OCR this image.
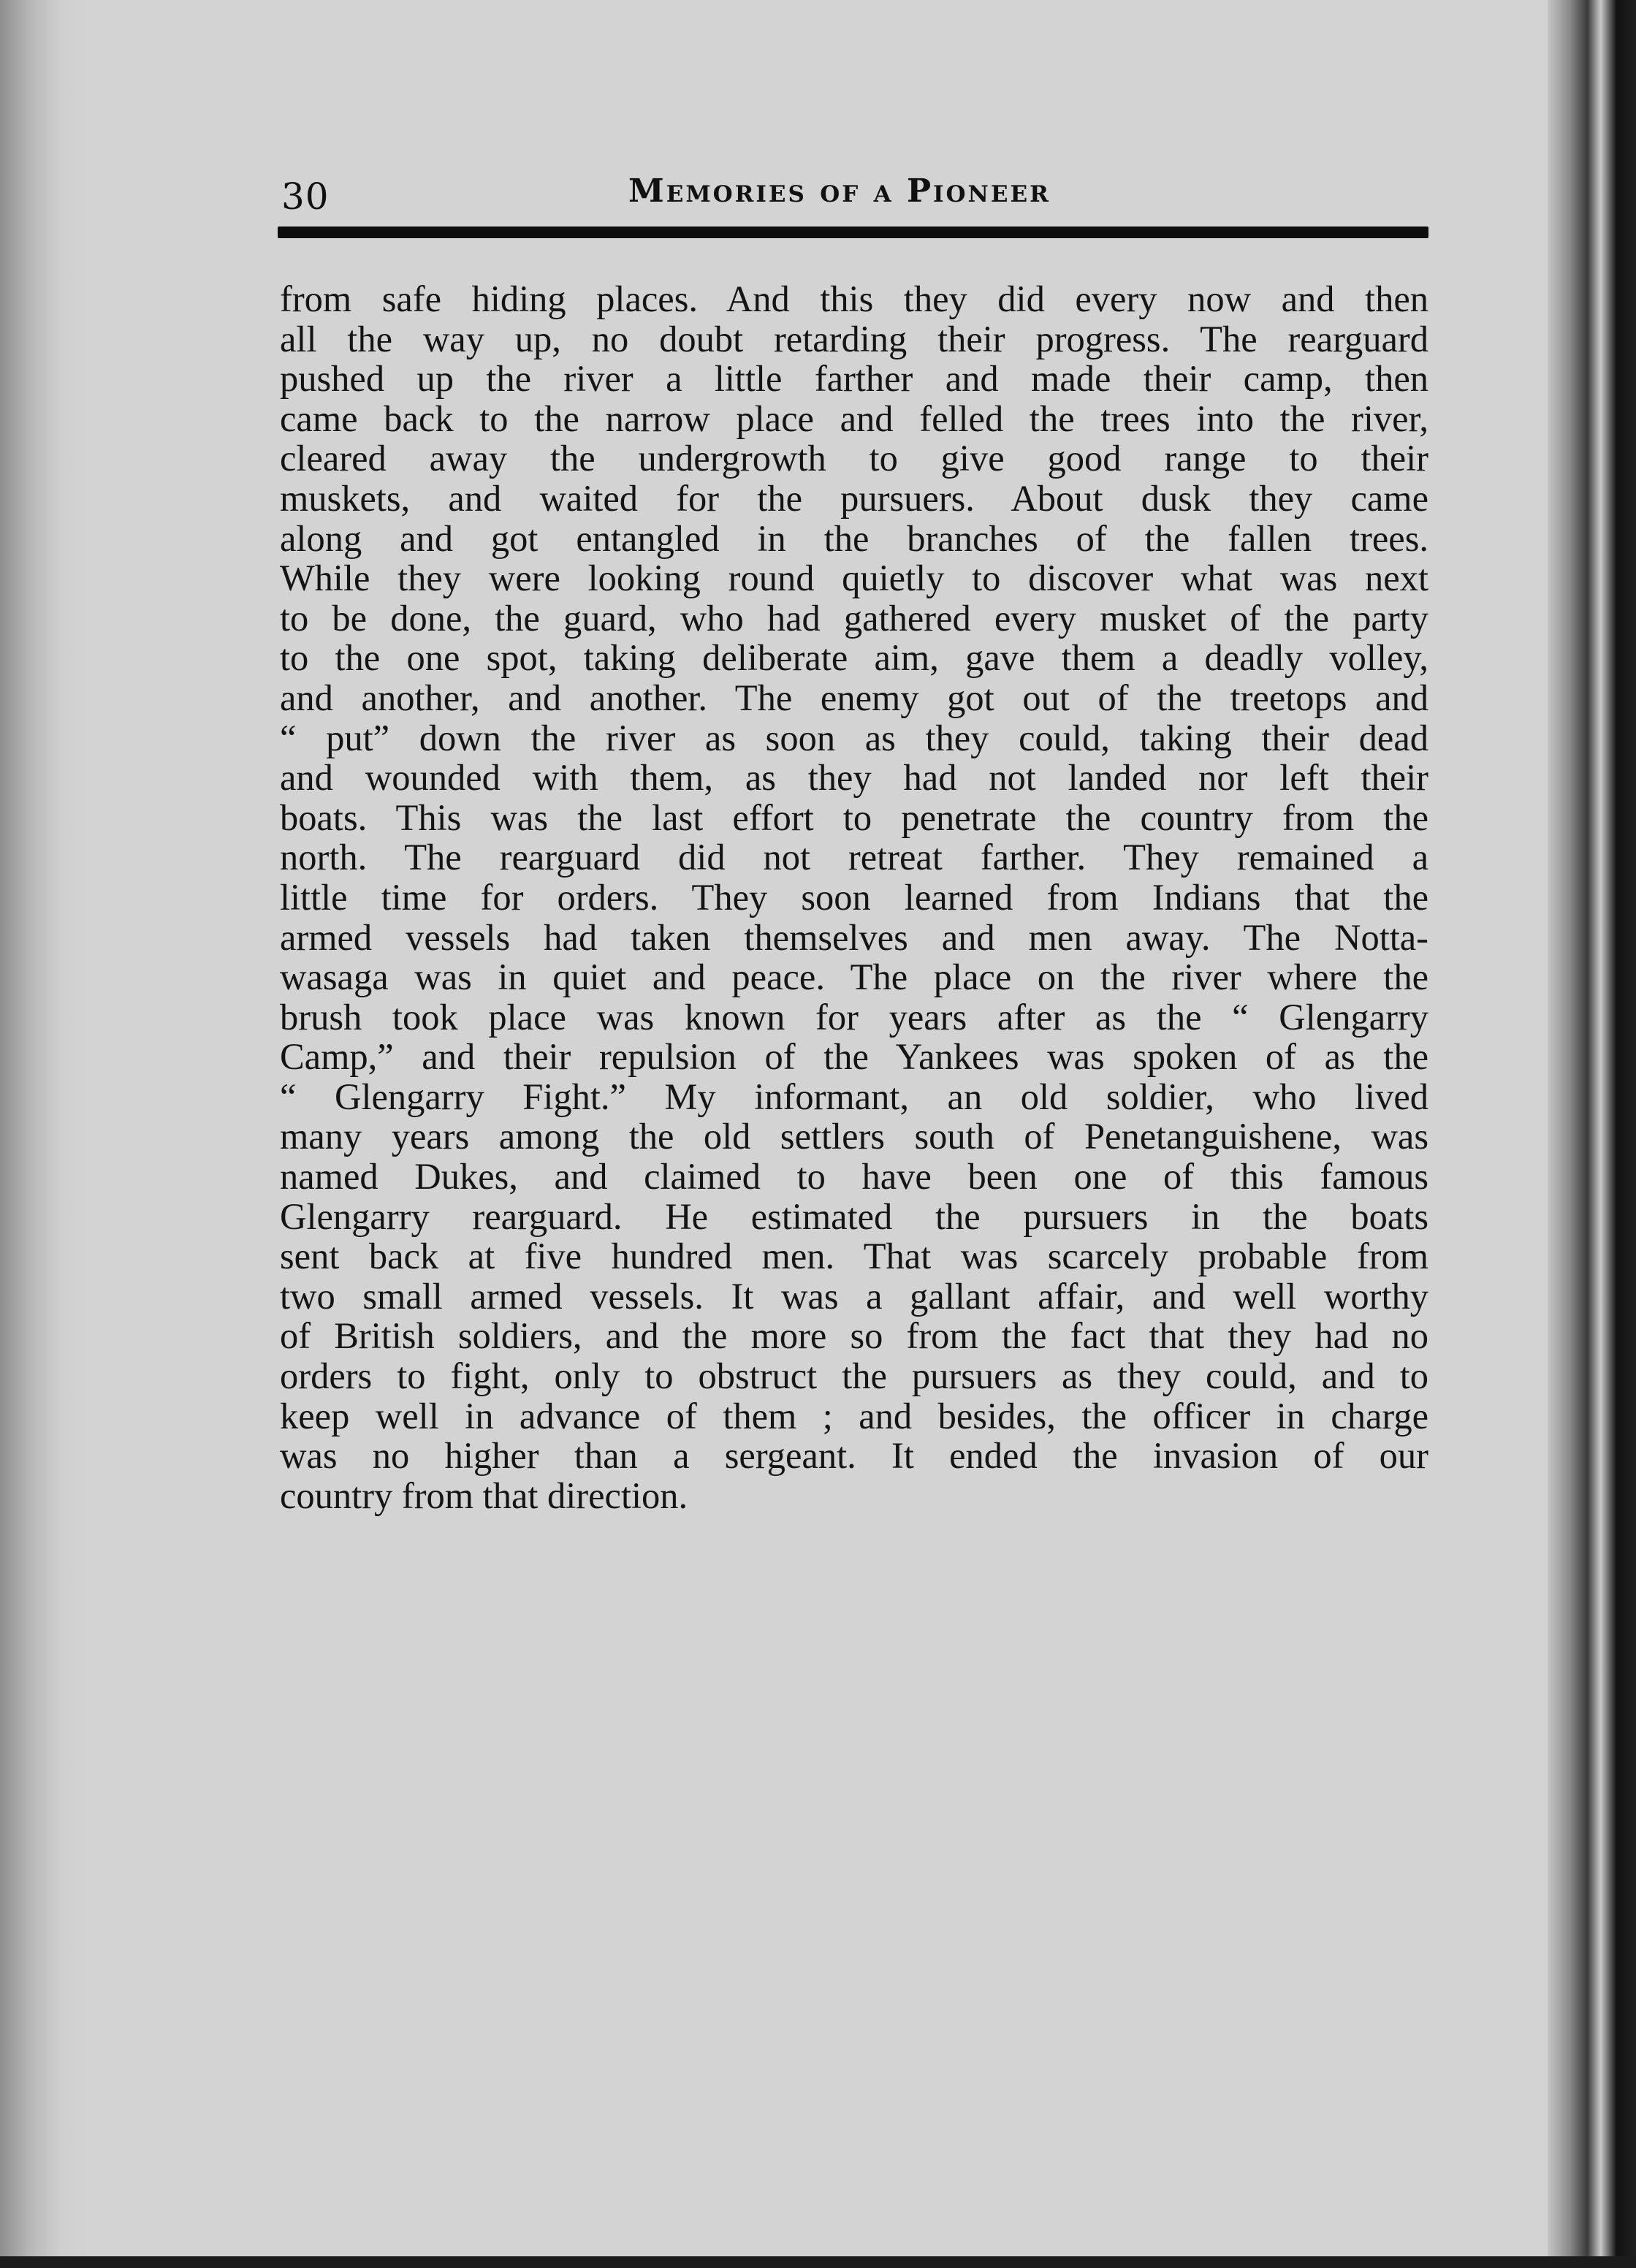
30	Memories of a Pioneer
from safe hiding places. And this they did every now and then
all the way up, no doubt retarding their progress. The rearguard
pushed up the river a little farther and made their camp, then
came back to the narrow place and felled the trees into the river,
cleared away the undergrowth to give good range to their
muskets, and waited for the pursuers. About dusk they came
along and got entangled in the branches of the fallen trees.
While they were looking round quietly to discover what was next
to be done, the guard, who had gathered every musket of the party
to the one spot, taking deliberate aim, gave them a deadly volley,
and another, and another. The enemy got out of the treetops and
“ put” down the river as soon as they could, taking their dead
and wounded with them, as they had not landed nor left their
boats. This was the last effort to penetrate the country from the
north. The rearguard did not retreat farther. They remained a
little time for orders. They soon learned from Indians that the
armed vessels had taken themselves and men away. The Notta-
wasaga was in quiet and peace. The place on the river where the
brush took place was known for years after as the “ Glengarry
Camp,” and their repulsion of the Yankees was spoken of as the
“ Glengarry Fight.” My informant, an old soldier, who lived
many years among the old settlers south of Penetanguishene, was
named Dukes, and claimed to have been one of this famous
Glengarry rearguard. He estimated the pursuers in the boats
sent back at five hundred men. That was scarcely probable from
two small armed vessels. It was a gallant affair, and well worthy
of British soldiers, and the more so from the fact that they had no
orders to fight, only to obstruct the pursuers as they could, and to
keep well in advance of them ; and besides, the officer in charge
was no higher than a sergeant. It ended the invasion of our
country from that direction.
